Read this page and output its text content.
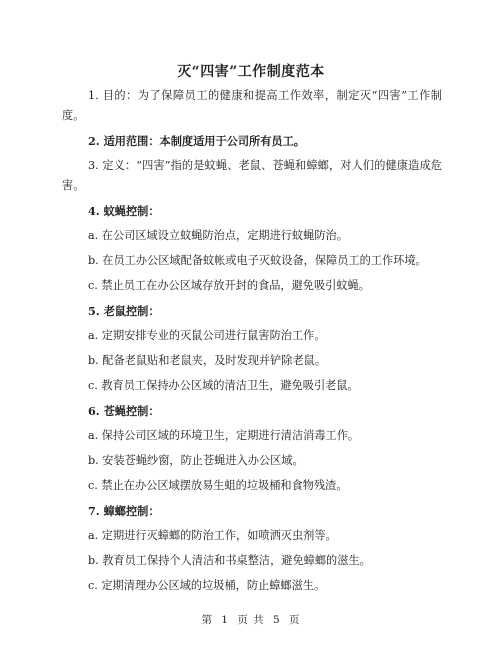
灭“四害”工作制度范本

1. 目的：为了保障员工的健康和提高工作效率，制定灭“四害”工作制度。

2. 适用范围：本制度适用于公司所有员工。

3. 定义：“四害”指的是蚊蝇、老鼠、苍蝇和蟑螂，对人们的健康造成危害。

4. 蚊蝇控制：

a. 在公司区域设立蚊蝇防治点，定期进行蚊蝇防治。

b. 在员工办公区域配备蚊帐或电子灭蚊设备，保障员工的工作环境。

c. 禁止员工在办公区域存放开封的食品，避免吸引蚊蝇。

5. 老鼠控制：

a. 定期安排专业的灭鼠公司进行鼠害防治工作。

b. 配备老鼠贴和老鼠夹，及时发现并铲除老鼠。

c. 教育员工保持办公区域的清洁卫生，避免吸引老鼠。

6. 苍蝇控制：

a. 保持公司区域的环境卫生，定期进行清洁消毒工作。

b. 安装苍蝇纱窗，防止苍蝇进入办公区域。

c. 禁止在办公区域摆放易生蛆的垃圾桶和食物残渣。

7. 蟑螂控制：

a. 定期进行灭蟑螂的防治工作，如喷洒灭虫剂等。

b. 教育员工保持个人清洁和书桌整洁，避免蟑螂的滋生。

c. 定期清理办公区域的垃圾桶，防止蟑螂滋生。

第 1 页 共 5 页
